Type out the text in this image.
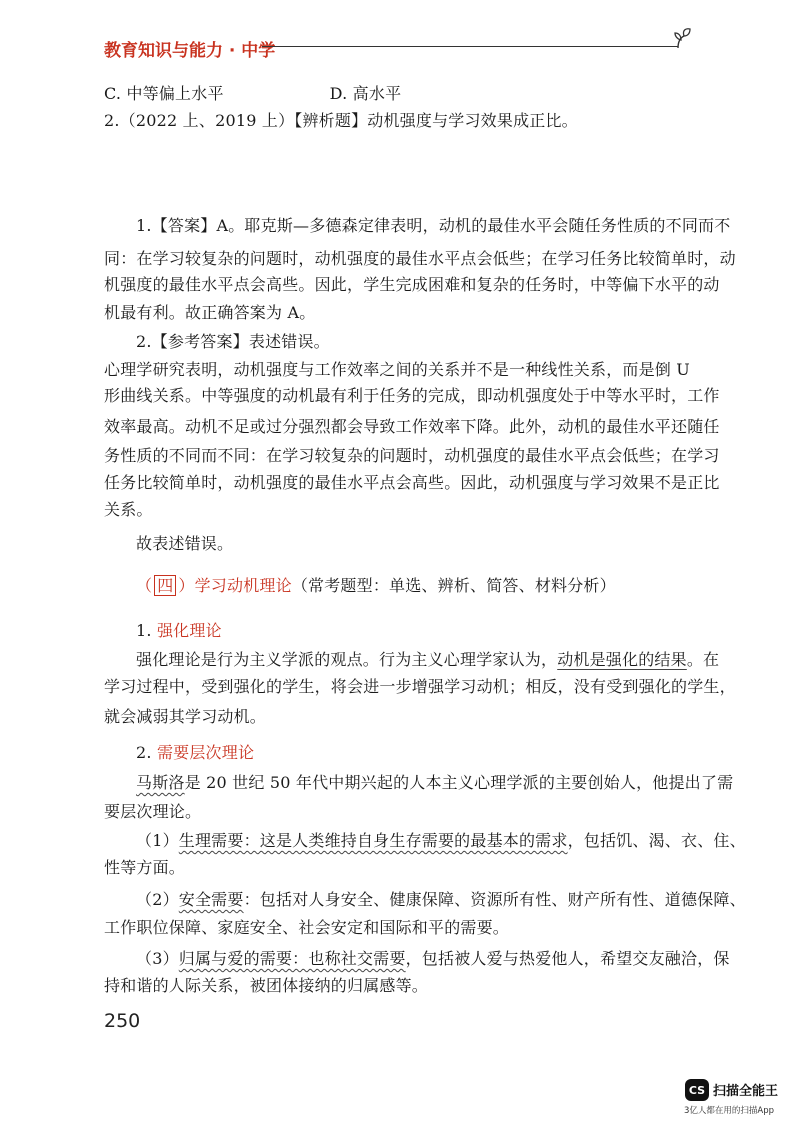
教育知识与能力 · 中学
C. 中等偏上水平	D. 高水平
2.（2022 上、2019 上）【辨析题】动机强度与学习效果成正比。
1.【答案】A。耶克斯—多德森定律表明，动机的最佳水平会随任务性质的不同而不
同：在学习较复杂的问题时，动机强度的最佳水平点会低些；在学习任务比较简单时，动
机强度的最佳水平点会高些。因此，学生完成困难和复杂的任务时，中等偏下水平的动
机最有利。故正确答案为 A。
2.【参考答案】表述错误。
心理学研究表明，动机强度与工作效率之间的关系并不是一种线性关系，而是倒 U
形曲线关系。中等强度的动机最有利于任务的完成，即动机强度处于中等水平时，工作
效率最高。动机不足或过分强烈都会导致工作效率下降。此外，动机的最佳水平还随任
务性质的不同而不同：在学习较复杂的问题时，动机强度的最佳水平点会低些；在学习
任务比较简单时，动机强度的最佳水平点会高些。因此，动机强度与学习效果不是正比
关系。
故表述错误。
（ 四 ）学习动机理论（常考题型：单选、辨析、简答、材料分析）
1. 强化理论
强化理论是行为主义学派的观点。行为主义心理学家认为，动机是强化的结果。在
学习过程中，受到强化的学生，将会进一步增强学习动机；相反，没有受到强化的学生，
就会减弱其学习动机。
2. 需要层次理论
马斯洛是 20 世纪 50 年代中期兴起的人本主义心理学派的主要创始人，他提出了需
要层次理论。
（1）生理需要：这是人类维持自身生存需要的最基本的需求，包括饥、渴、衣、住、
性等方面。
（2）安全需要：包括对人身安全、健康保障、资源所有性、财产所有性、道德保障、
工作职位保障、家庭安全、社会安定和国际和平的需要。
（3）归属与爱的需要：也称社交需要，包括被人爱与热爱他人，希望交友融洽，保
持和谐的人际关系，被团体接纳的归属感等。
250
CS 扫描全能王
3亿人都在用的扫描App
